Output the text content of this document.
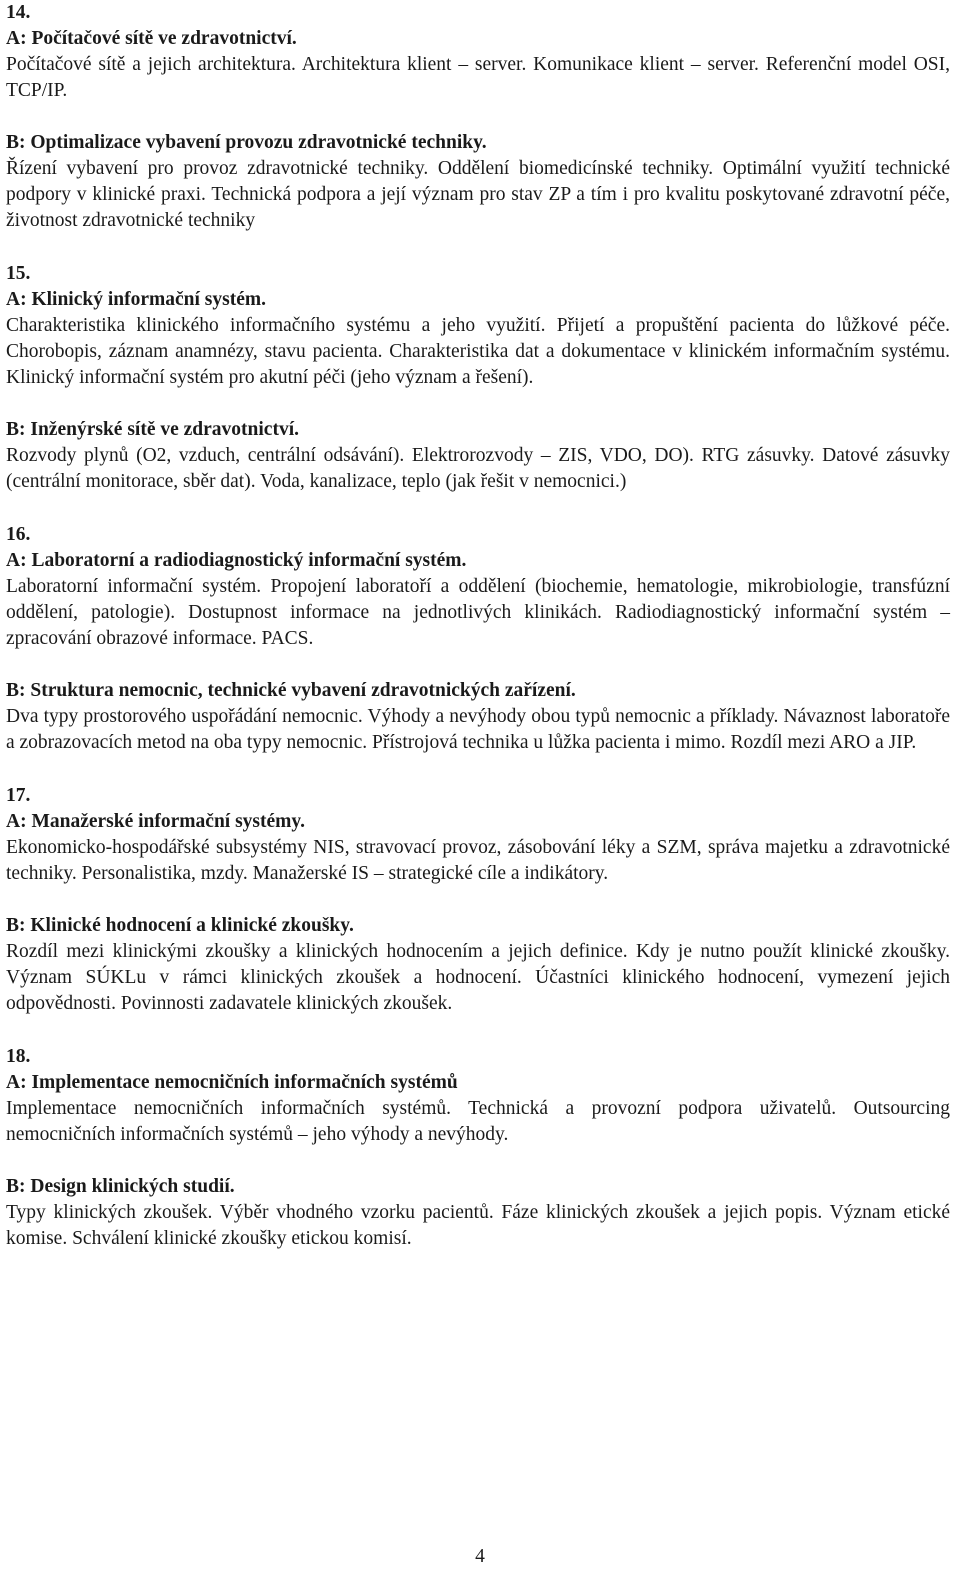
14.

A: Počítačové sítě ve zdravotnictví.

Počítačové sítě a jejich architektura. Architektura klient – server. Komunikace klient – server. Referenční model OSI, TCP/IP.

B: Optimalizace vybavení provozu zdravotnické techniky.

Řízení vybavení pro provoz zdravotnické techniky. Oddělení biomedicínské techniky. Optimální využití technické podpory v klinické praxi. Technická podpora a její význam pro stav ZP a tím i pro kvalitu poskytované zdravotní péče, životnost zdravotnické techniky

15.

A: Klinický informační systém.

Charakteristika klinického informačního systému a jeho využití. Přijetí a propuštění pacienta do lůžkové péče. Chorobopis, záznam anamnézy, stavu pacienta. Charakteristika dat a dokumentace v klinickém informačním systému. Klinický informační systém pro akutní péči (jeho význam a řešení).

B: Inženýrské sítě ve zdravotnictví.

Rozvody plynů (O2, vzduch, centrální odsávání). Elektrorozvody – ZIS, VDO, DO). RTG zásuvky. Datové zásuvky (centrální monitorace, sběr dat). Voda, kanalizace, teplo (jak řešit v nemocnici.)

16.

A: Laboratorní a radiodiagnostický informační systém.

Laboratorní informační systém. Propojení laboratoří a oddělení (biochemie, hematologie, mikrobiologie, transfúzní oddělení, patologie). Dostupnost informace na jednotlivých klinikách. Radiodiagnostický informační systém – zpracování obrazové informace. PACS.

B: Struktura nemocnic, technické vybavení zdravotnických zařízení.

Dva typy prostorového uspořádání nemocnic. Výhody a nevýhody obou typů nemocnic a příklady. Návaznost laboratoře a zobrazovacích metod na oba typy nemocnic. Přístrojová technika u lůžka pacienta i mimo. Rozdíl mezi ARO a JIP.

17.

A: Manažerské informační systémy.

Ekonomicko-hospodářské subsystémy NIS, stravovací provoz, zásobování léky a SZM, správa majetku a zdravotnické techniky. Personalistika, mzdy. Manažerské IS – strategické cíle a indikátory.

B: Klinické hodnocení a klinické zkoušky.

Rozdíl mezi klinickými zkoušky a klinických hodnocením a jejich definice. Kdy je nutno použít klinické zkoušky. Význam SÚKLu v rámci klinických zkoušek a hodnocení. Účastníci klinického hodnocení, vymezení jejich odpovědnosti. Povinnosti zadavatele klinických zkoušek.

18.

A: Implementace nemocničních informačních systémů

Implementace nemocničních informačních systémů. Technická a provozní podpora uživatelů. Outsourcing nemocničních informačních systémů – jeho výhody a nevýhody.

B: Design klinických studií.

Typy klinických zkoušek. Výběr vhodného vzorku pacientů. Fáze klinických zkoušek a jejich popis. Význam etické komise. Schválení klinické zkoušky etickou komisí.

4
